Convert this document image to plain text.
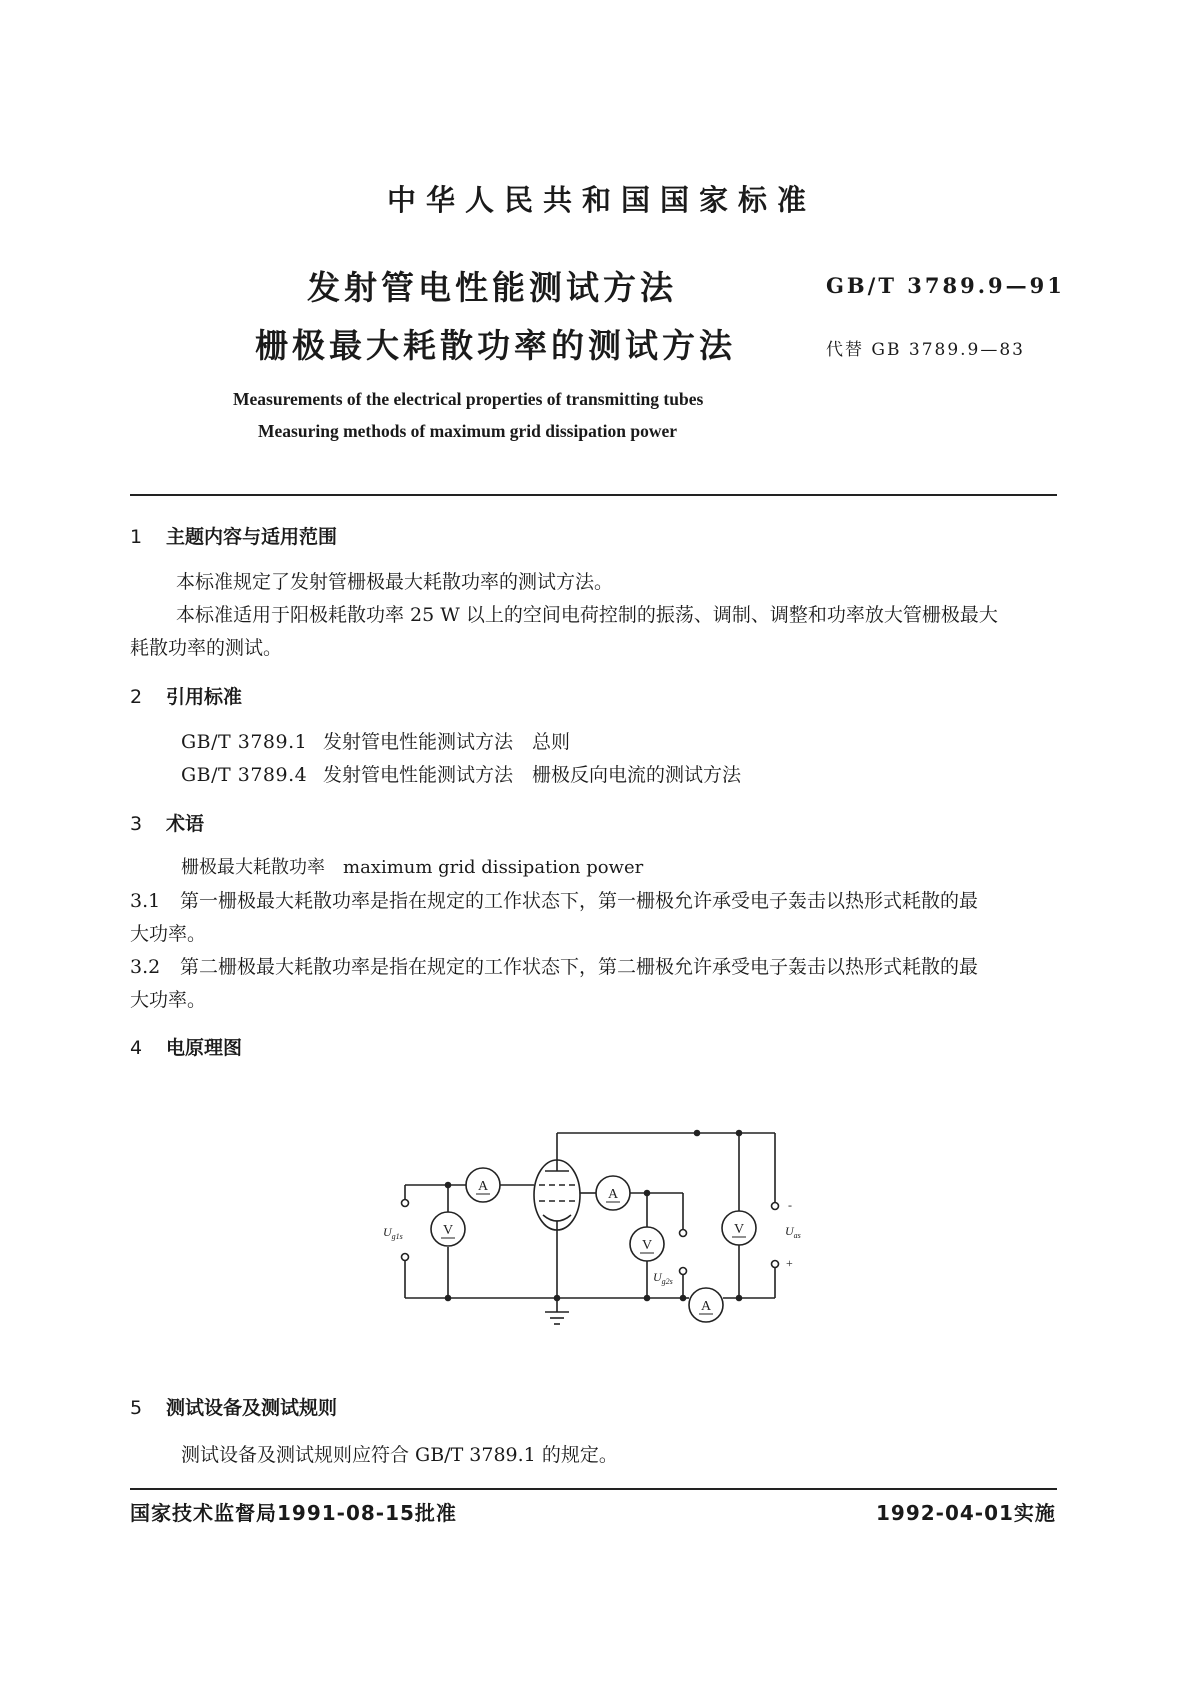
中华人民共和国国家标准
发射管电性能测试方法
栅极最大耗散功率的测试方法
GB/T 3789.9—91
代替 GB 3789.9—83
Measurements of the electrical properties of transmitting tubes
Measuring methods of maximum grid dissipation power
1 主题内容与适用范围
本标准规定了发射管栅极最大耗散功率的测试方法。
本标准适用于阳极耗散功率 25 W 以上的空间电荷控制的振荡、调制、调整和功率放大管栅极最大
耗散功率的测试。
2 引用标准
GB/T 3789.1 发射管电性能测试方法　总则
GB/T 3789.4 发射管电性能测试方法　栅极反向电流的测试方法
3 术语
栅极最大耗散功率　maximum grid dissipation power
3.1 第一栅极最大耗散功率是指在规定的工作状态下，第一栅极允许承受电子轰击以热形式耗散的最
大功率。
3.2 第二栅极最大耗散功率是指在规定的工作状态下，第二栅极允许承受电子轰击以热形式耗散的最
大功率。
4 电原理图
A
V
A
V
A
V
$U_{g1s}$
$U_{g2s}$
$U_{as}$
-
+
5 测试设备及测试规则
测试设备及测试规则应符合 GB/T 3789.1 的规定。
国家技术监督局1991-08-15批准	1992-04-01实施
